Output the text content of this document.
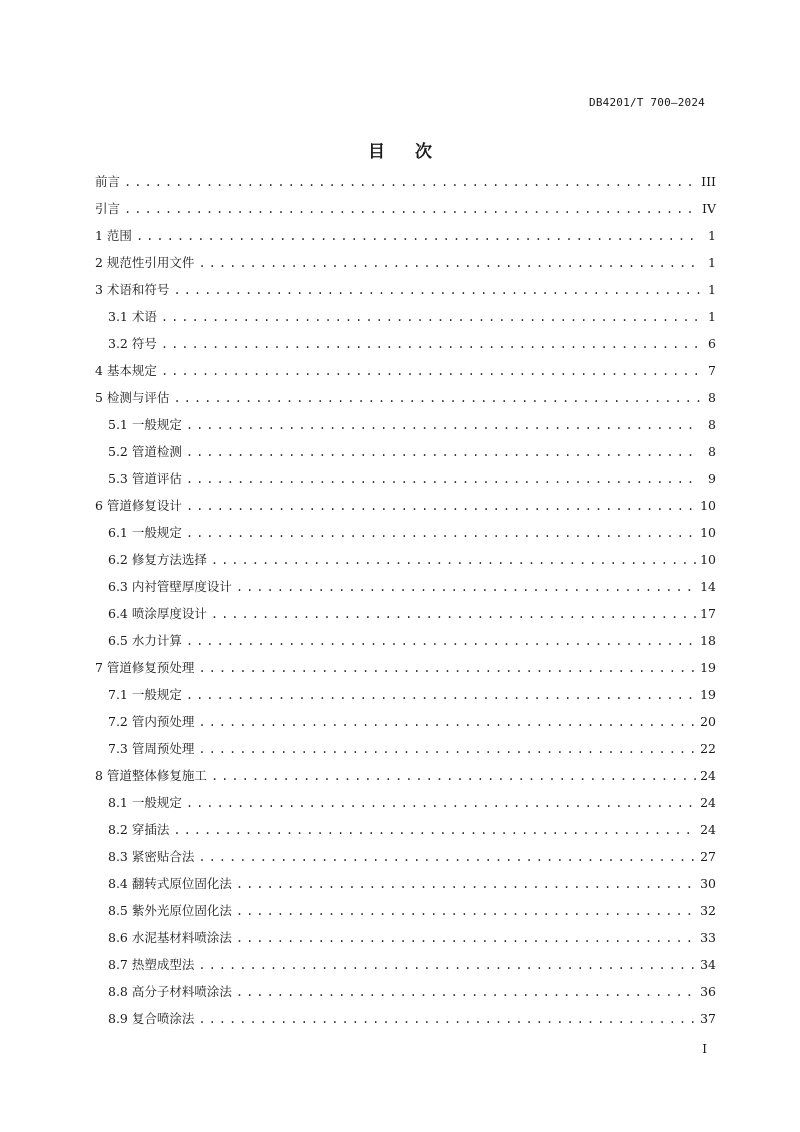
DB4201/T 700—2024
目 次
前言 .....	III
引言 .....	IV
1 范围 .....	1
2 规范性引用文件 .....	1
3 术语和符号 .....	1
3.1 术语 .....	1
3.2 符号 .....	6
4 基本规定 .....	7
5 检测与评估 .....	8
5.1 一般规定 .....	8
5.2 管道检测 .....	8
5.3 管道评估 .....	9
6 管道修复设计 .....	10
6.1 一般规定 .....	10
6.2 修复方法选择 .....	10
6.3 内衬管壁厚度设计 .....	14
6.4 喷涂厚度设计 .....	17
6.5 水力计算 .....	18
7 管道修复预处理 .....	19
7.1 一般规定 .....	19
7.2 管内预处理 .....	20
7.3 管周预处理 .....	22
8 管道整体修复施工 .....	24
8.1 一般规定 .....	24
8.2 穿插法 .....	24
8.3 紧密贴合法 .....	27
8.4 翻转式原位固化法 .....	30
8.5 紫外光原位固化法 .....	32
8.6 水泥基材料喷涂法 .....	33
8.7 热塑成型法 .....	34
8.8 高分子材料喷涂法 .....	36
8.9 复合喷涂法 .....	37
I
